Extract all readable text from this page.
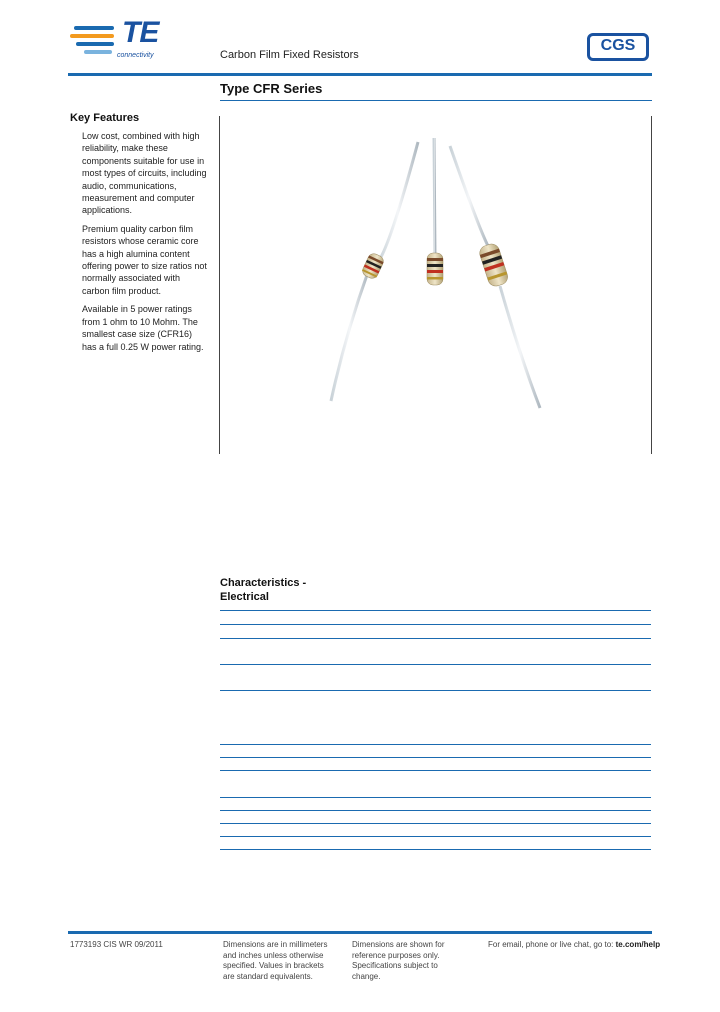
TE
connectivity	Carbon Film Fixed Resistors
CGS
Type CFR Series
Key Features

Low cost, combined with high reliability, make these components suitable for use in most types of circuits, including audio, communications, measurement and computer applications.

Premium quality carbon film resistors whose ceramic core has a high alumina content offering power to size ratios not normally associated with carbon film product.

Available in 5 power ratings from 1 ohm to 10 Mohm. The smallest case size (CFR16) has a full 0.25 W power rating.

Characteristics -
Electrical
1773193 CIS WR 09/2011	Dimensions are in millimeters and inches unless otherwise specified. Values in brackets are standard equivalents.
Dimensions are shown for reference purposes only. Specifications subject to change.
For email, phone or live chat, go to: te.com/help
